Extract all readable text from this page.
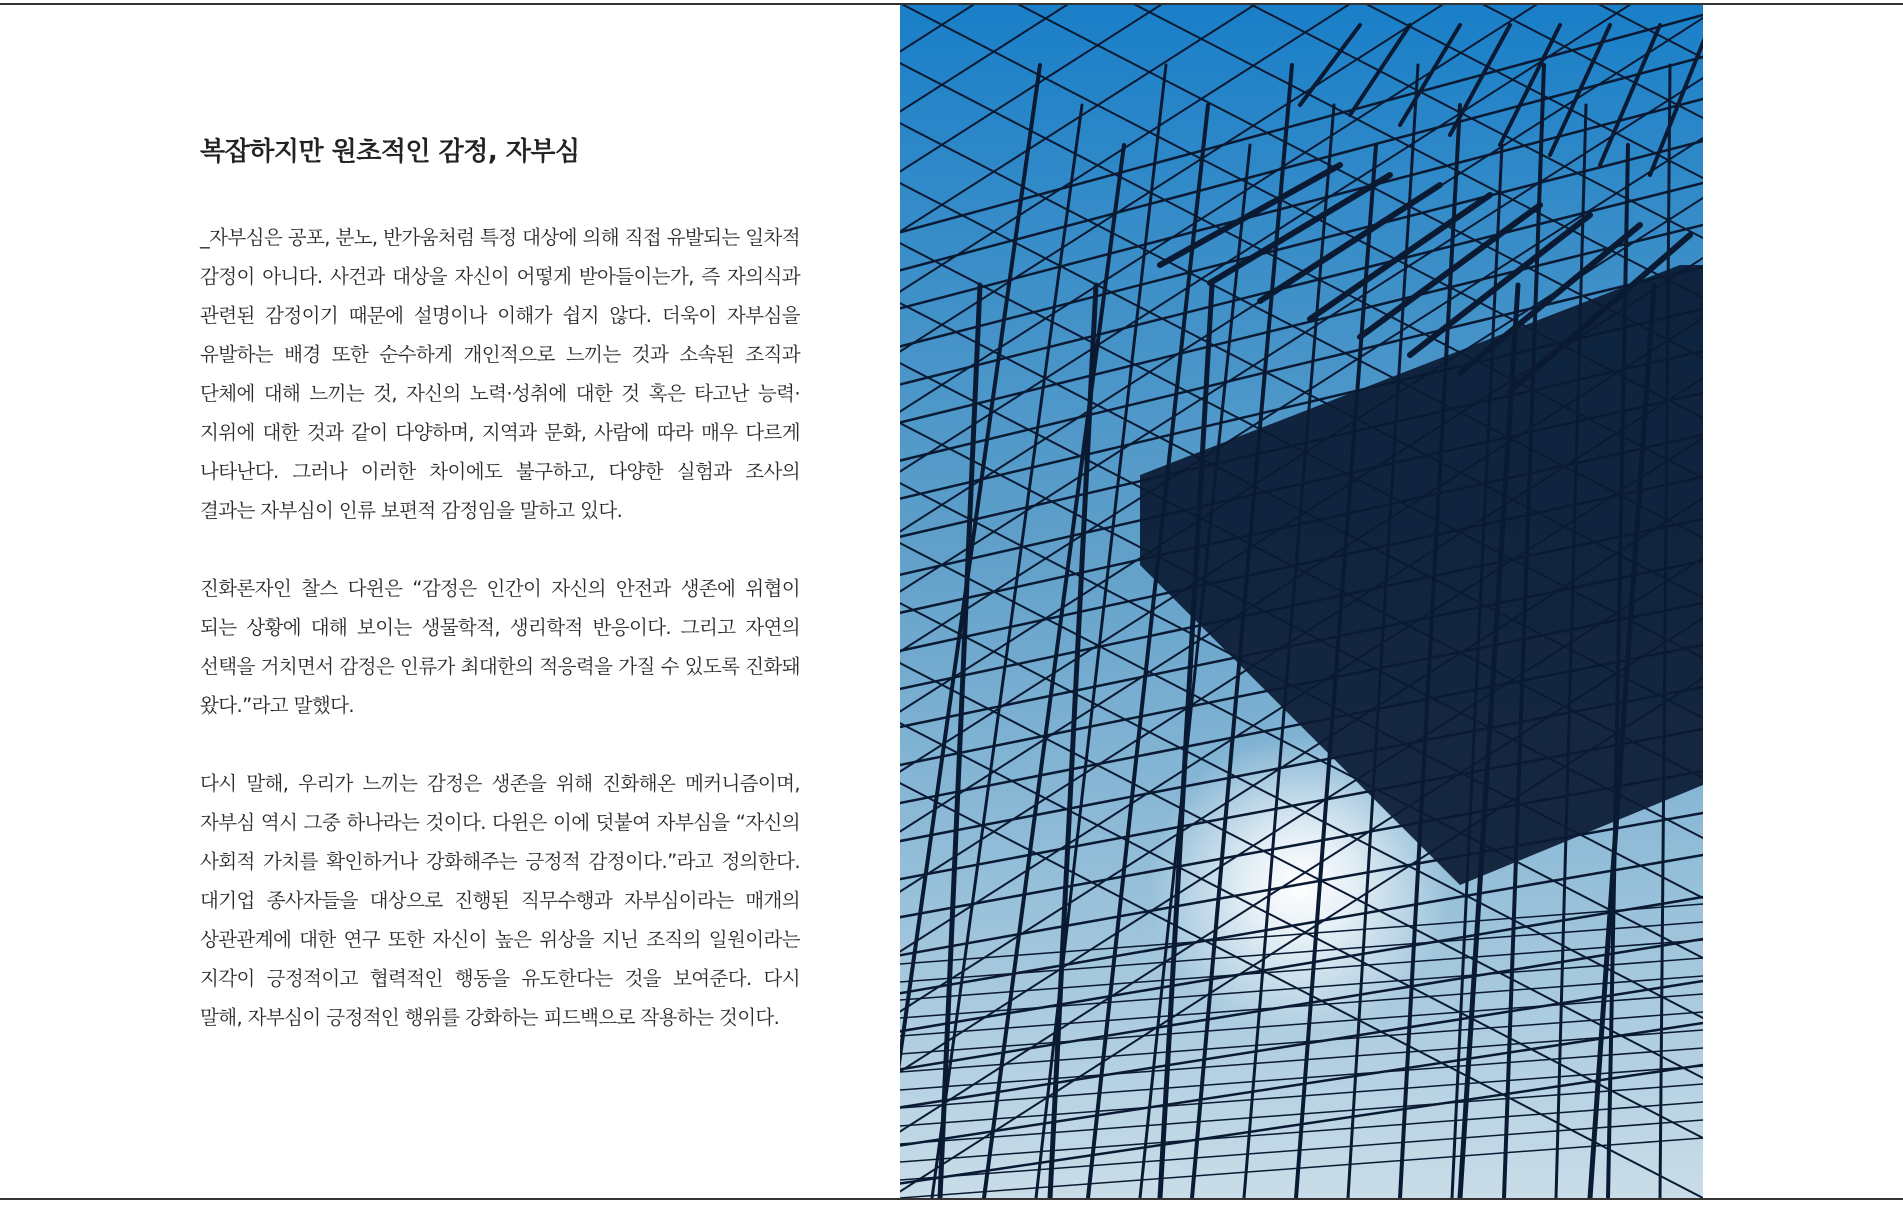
복잡하지만 원초적인 감정, 자부심

_자부심은 공포, 분노, 반가움처럼 특정 대상에 의해 직접 유발되는 일차적 감정이 아니다. 사건과 대상을 자신이 어떻게 받아들이는가, 즉 자의식과 관련된 감정이기 때문에 설명이나 이해가 쉽지 않다. 더욱이 자부심을 유발하는 배경 또한 순수하게 개인적으로 느끼는 것과 소속된 조직과 단체에 대해 느끼는 것, 자신의 노력·성취에 대한 것 혹은 타고난 능력·지위에 대한 것과 같이 다양하며, 지역과 문화, 사람에 따라 매우 다르게 나타난다. 그러나 이러한 차이에도 불구하고, 다양한 실험과 조사의 결과는 자부심이 인류 보편적 감정임을 말하고 있다.

진화론자인 찰스 다윈은 “감정은 인간이 자신의 안전과 생존에 위협이 되는 상황에 대해 보이는 생물학적, 생리학적 반응이다. 그리고 자연의 선택을 거치면서 감정은 인류가 최대한의 적응력을 가질 수 있도록 진화돼 왔다.”라고 말했다.

다시 말해, 우리가 느끼는 감정은 생존을 위해 진화해온 메커니즘이며, 자부심 역시 그중 하나라는 것이다. 다윈은 이에 덧붙여 자부심을 “자신의 사회적 가치를 확인하거나 강화해주는 긍정적 감정이다.”라고 정의한다. 대기업 종사자들을 대상으로 진행된 직무수행과 자부심이라는 매개의 상관관계에 대한 연구 또한 자신이 높은 위상을 지닌 조직의 일원이라는 지각이 긍정적이고 협력적인 행동을 유도한다는 것을 보여준다. 다시 말해, 자부심이 긍정적인 행위를 강화하는 피드백으로 작용하는 것이다.
